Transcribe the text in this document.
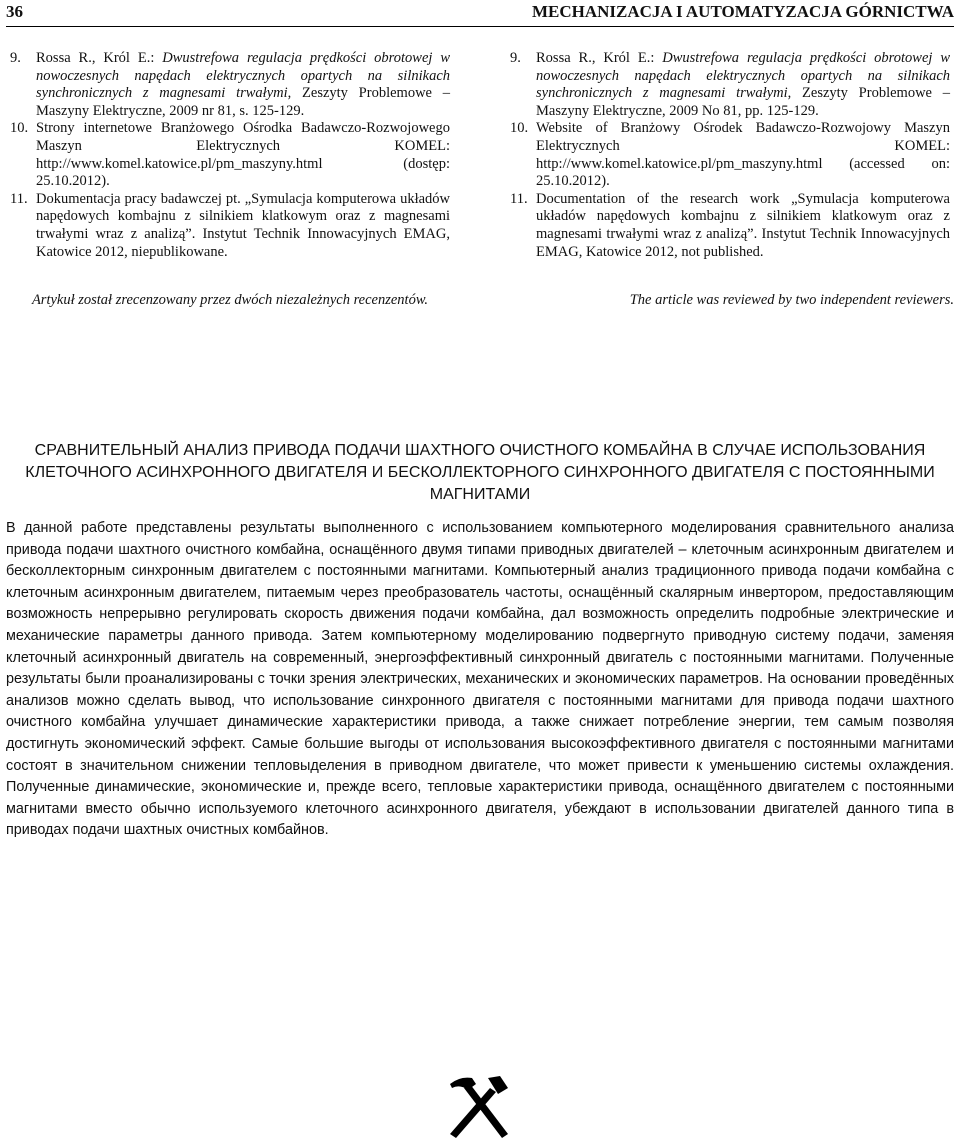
36	MECHANIZACJA I AUTOMATYZACJA GÓRNICTWA
9.	Rossa R., Król E.: Dwustrefowa regulacja prędkości obrotowej w nowoczesnych napędach elektrycznych opartych na silnikach synchronicznych z magnesami trwałymi, Zeszyty Problemowe – Maszyny Elektryczne, 2009 nr 81, s. 125-129.
10. Strony internetowe Branżowego Ośrodka Badawczo-Rozwojowego Maszyn Elektrycznych KOMEL: http://www.komel.katowice.pl/pm_maszyny.html (dostęp: 25.10.2012).
11. Dokumentacja pracy badawczej pt. „Symulacja komputerowa układów napędowych kombajnu z silnikiem klatkowym oraz z magnesami trwałymi wraz z analizą”. Instytut Technik Innowacyjnych EMAG, Katowice 2012, niepublikowane.
9.	Rossa R., Król E.: Dwustrefowa regulacja prędkości obrotowej w nowoczesnych napędach elektrycznych opartych na silnikach synchronicznych z magnesami trwałymi, Zeszyty Problemowe – Maszyny Elektryczne, 2009 No 81, pp. 125-129.
10. Website of Branżowy Ośrodek Badawczo-Rozwojowy Maszyn Elektrycznych KOMEL: http://www.komel.katowice.pl/pm_maszyny.html (accessed on: 25.10.2012).
11. Documentation of the research work „Symulacja komputerowa układów napędowych kombajnu z silnikiem klatkowym oraz z magnesami trwałymi wraz z analizą”. Instytut Technik Innowacyjnych EMAG, Katowice 2012, not published.
Artykuł został zrecenzowany przez dwóch niezależnych recenzentów.	The article was reviewed by two independent reviewers.
СРАВНИТЕЛЬНЫЙ АНАЛИЗ ПРИВОДА ПОДАЧИ ШАХТНОГО ОЧИСТНОГО КОМБАЙНА В СЛУЧАЕ ИСПОЛЬЗОВАНИЯ КЛЕТОЧНОГО АСИНХРОННОГО ДВИГАТЕЛЯ И БЕСКОЛЛЕКТОРНОГО СИНХРОННОГО ДВИГАТЕЛЯ С ПОСТОЯННЫМИ МАГНИТАМИ
В данной работе представлены результаты выполненного с использованием компьютерного моделирования сравнительного анализа привода подачи шахтного очистного комбайна, оснащённого двумя типами приводных двигателей – клеточным асинхронным двигателем и бесколлекторным синхронным двигателем с постоянными магнитами. Компьютерный анализ традиционного привода подачи комбайна с клеточным асинхронным двигателем, питаемым через преобразователь частоты, оснащённый скалярным инвертором, предоставляющим возможность непрерывно регулировать скорость движения подачи комбайна, дал возможность определить подробные электрические и механические параметры данного привода. Затем компьютерному моделированию подвергнуто приводную систему подачи, заменяя клеточный асинхронный двигатель на современный, энергоэффективный синхронный двигатель с постоянными магнитами. Полученные результаты были проанализированы с точки зрения электрических, механических и экономических параметров. На основании проведённых анализов можно сделать вывод, что использование синхронного двигателя с постоянными магнитами для привода подачи шахтного очистного комбайна улучшает динамические характеристики привода, а также снижает потребление энергии, тем самым позволяя достигнуть экономический эффект. Самые большие выгоды от использования высокоэффективного двигателя с постоянными магнитами состоят в значительном снижении тепловыделения в приводном двигателе, что может привести к уменьшению системы охлаждения. Полученные динамические, экономические и, прежде всего, тепловые характеристики привода, оснащённого двигателем с постоянными магнитами вместо обычно используемого клеточного асинхронного двигателя, убеждают в использовании двигателей данного типа в приводах подачи шахтных очистных комбайнов.
